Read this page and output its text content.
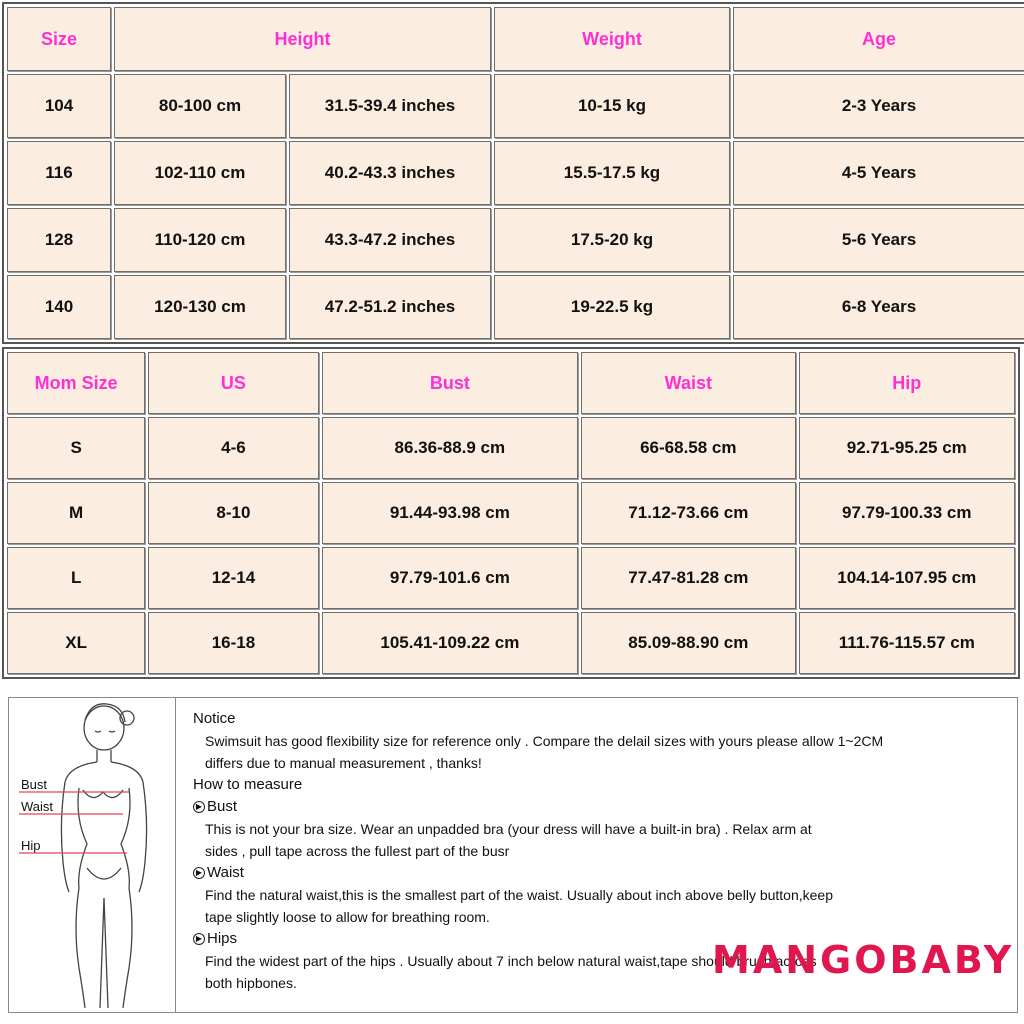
Size	Height		Weight	Age
104	80-100 cm	31.5-39.4 inches	10-15 kg	2-3 Years
116	102-110 cm	40.2-43.3 inches	15.5-17.5 kg	4-5 Years
128	110-120 cm	43.3-47.2 inches	17.5-20 kg	5-6 Years
140	120-130 cm	47.2-51.2 inches	19-22.5 kg	6-8 Years
Mom Size	US	Bust	Waist	Hip
S	4-6	86.36-88.9 cm	66-68.58 cm	92.71-95.25 cm
M	8-10	91.44-93.98 cm	71.12-73.66 cm	97.79-100.33 cm
L	12-14	97.79-101.6 cm	77.47-81.28 cm	104.14-107.95 cm
XL	16-18	105.41-109.22 cm	85.09-88.90 cm	111.76-115.57 cm
Bust
Waist
Hip
Notice
Swimsuit has good flexibility size for reference only . Compare the delail sizes with yours please allow 1~2CM
differs due to manual measurement , thanks!
How to measure
▶ Bust
This is not your bra size. Wear an unpadded bra (your dress will have a built-in bra) . Relax arm at
sides , pull tape across the fullest part of the busr
▶ Waist
Find the natural waist,this is the smallest part of the waist. Usually about inch above belly button,keep
tape slightly loose to allow for breathing room.
▶ Hips
Find the widest part of the hips . Usually about 7 inch below natural waist,tape should brush across
both hipbones.
MANGOBABY
